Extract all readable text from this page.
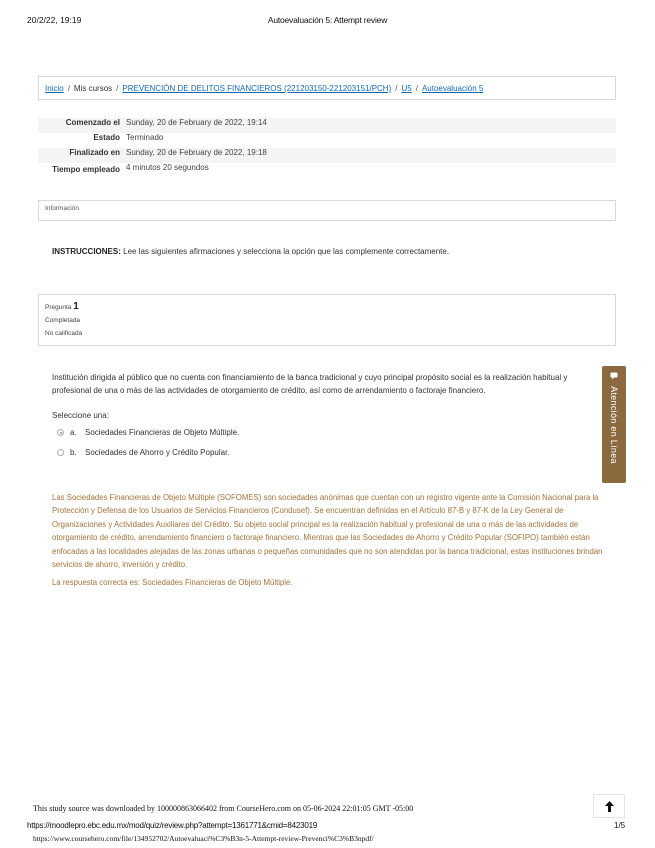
20/2/22, 19:19	Autoevaluación 5: Attempt review
Inicio / Mis cursos / PREVENCIÓN DE DELITOS FINANCIEROS (221203150-221203151/PCH) / U5 / Autoevaluación 5
Comenzado el Sunday, 20 de February de 2022, 19:14
Estado Terminado
Finalizado en Sunday, 20 de February de 2022, 19:18
Tiempo empleado 4 minutos 20 segundos
Información
INSTRUCCIONES: Lee las siguientes afirmaciones y selecciona la opción que las complemente correctamente.
Pregunta 1
Completada
No calificada
Institución dirigida al público que no cuenta con financiamiento de la banca tradicional y cuyo principal propósito social es la realización habitual y profesional de una o más de las actividades de otorgamiento de crédito, así como de arrendamiento o factoraje financiero.
Seleccione una:
a.	Sociedades Financieras de Objeto Múltiple.
b.	Sociedades de Ahorro y Crédito Popular.
Las Sociedades Financieras de Objeto Múltiple (SOFOMES) son sociedades anónimas que cuentan con un registro vigente ante la Comisión Nacional para la Protección y Defensa de los Usuarios de Servicios Financieros (Condusef). Se encuentran definidas en el Artículo 87-B y 87-K de la Ley General de Organizaciones y Actividades Auxiliares del Crédito. Su objeto social principal es la realización habitual y profesional de una o más de las actividades de otorgamiento de crédito, arrendamiento financiero o factoraje financiero. Mientras que las Sociedades de Ahorro y Crédito Popular (SOFIPO) también están enfocadas a las localidades alejadas de las zonas urbanas o pequeñas comunidades que no son atendidas por la banca tradicional, estas instituciones brindan servicios de ahorro, inversión y crédito.
La respuesta correcta es: Sociedades Financieras de Objeto Múltiple.
Atención en Línea
This study source was downloaded by 100000863066402 from CourseHero.com on 05-06-2024 22:01:05 GMT -05:00
https://moodlepro.ebc.edu.mx/mod/quiz/review.php?attempt=1361771&cmid=8423019	1/5
https://www.coursehero.com/file/134952702/Autoevaluaci%C3%B3n-5-Attempt-review-Prevenci%C3%B3npdf/
